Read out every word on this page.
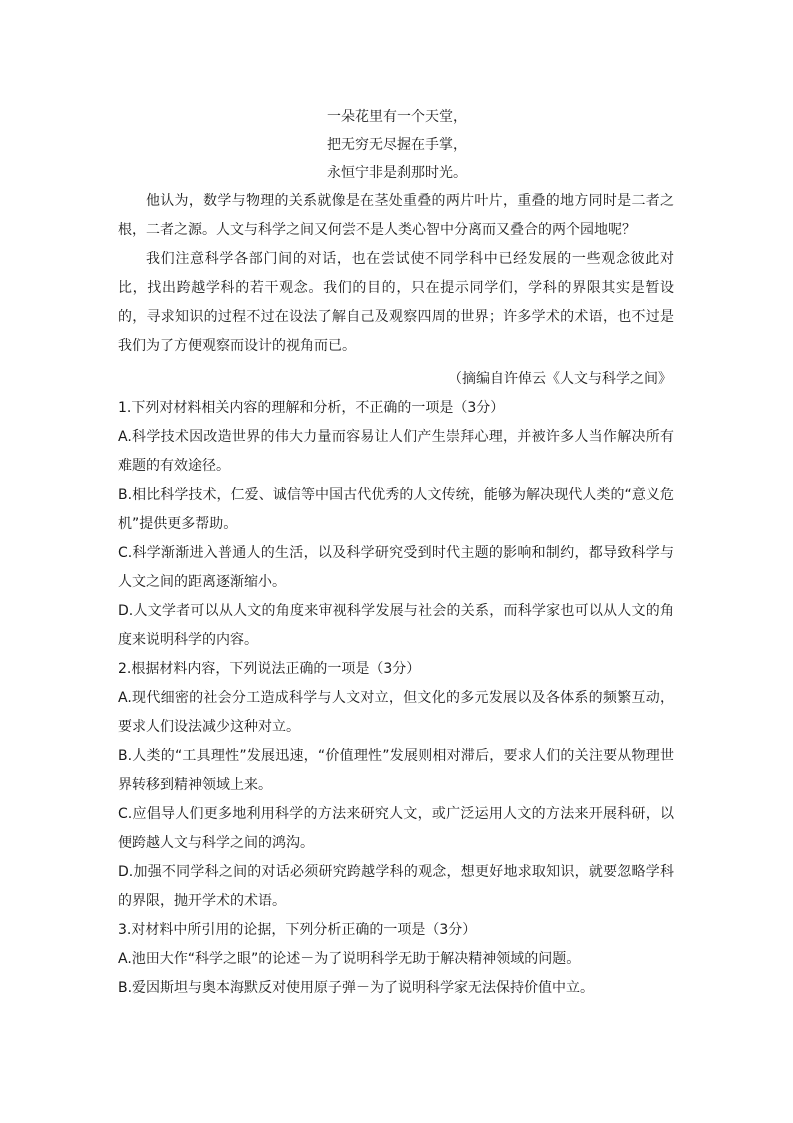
一朵花里有一个天堂，

把无穷无尽握在手掌，

永恒宁非是刹那时光。

他认为，数学与物理的关系就像是在茎处重叠的两片叶片，重叠的地方同时是二者之根，二者之源。人文与科学之间又何尝不是人类心智中分离而又叠合的两个园地呢？

我们注意科学各部门间的对话，也在尝试使不同学科中已经发展的一些观念彼此对比，找出跨越学科的若干观念。我们的目的，只在提示同学们，学科的界限其实是暂设的，寻求知识的过程不过在设法了解自己及观察四周的世界；许多学术的术语，也不过是我们为了方便观察而设计的视角而已。

（摘编自许倬云《人文与科学之间》

1.下列对材料相关内容的理解和分析，不正确的一项是（3分）

A.科学技术因改造世界的伟大力量而容易让人们产生崇拜心理，并被许多人当作解决所有难题的有效途径。

B.相比科学技术，仁爱、诚信等中国古代优秀的人文传统，能够为解决现代人类的“意义危机”提供更多帮助。

C.科学渐渐进入普通人的生活，以及科学研究受到时代主题的影响和制约，都导致科学与人文之间的距离逐渐缩小。

D.人文学者可以从人文的角度来审视科学发展与社会的关系，而科学家也可以从人文的角度来说明科学的内容。

2.根据材料内容，下列说法正确的一项是（3分）

A.现代细密的社会分工造成科学与人文对立，但文化的多元发展以及各体系的频繁互动，要求人们设法减少这种对立。

B.人类的“工具理性”发展迅速，“价值理性”发展则相对滞后，要求人们的关注要从物理世界转移到精神领域上来。

C.应倡导人们更多地利用科学的方法来研究人文，或广泛运用人文的方法来开展科研，以便跨越人文与科学之间的鸿沟。

D.加强不同学科之间的对话必须研究跨越学科的观念，想更好地求取知识，就要忽略学科的界限，抛开学术的术语。

3.对材料中所引用的论据，下列分析正确的一项是（3分）

A.池田大作“科学之眼”的论述－为了说明科学无助于解决精神领域的问题。

B.爱因斯坦与奥本海默反对使用原子弹－为了说明科学家无法保持价值中立。
